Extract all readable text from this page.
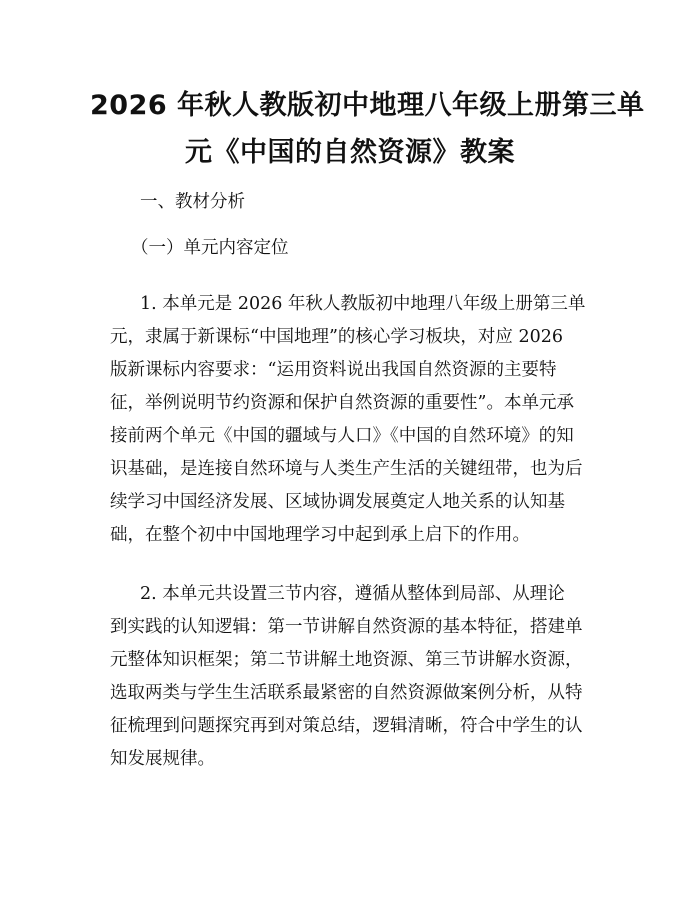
2026 年秋人教版初中地理八年级上册第三单
元《中国的自然资源》教案

一、教材分析

（一）单元内容定位

1. 本单元是 2026 年秋人教版初中地理八年级上册第三单
元，隶属于新课标“中国地理”的核心学习板块，对应 2026
版新课标内容要求：“运用资料说出我国自然资源的主要特
征，举例说明节约资源和保护自然资源的重要性”。本单元承
接前两个单元《中国的疆域与人口》《中国的自然环境》的知
识基础，是连接自然环境与人类生产生活的关键纽带，也为后
续学习中国经济发展、区域协调发展奠定人地关系的认知基
础，在整个初中中国地理学习中起到承上启下的作用。
2. 本单元共设置三节内容，遵循从整体到局部、从理论
到实践的认知逻辑：第一节讲解自然资源的基本特征，搭建单
元整体知识框架；第二节讲解土地资源、第三节讲解水资源，
选取两类与学生生活联系最紧密的自然资源做案例分析，从特
征梳理到问题探究再到对策总结，逻辑清晰，符合中学生的认
知发展规律。
